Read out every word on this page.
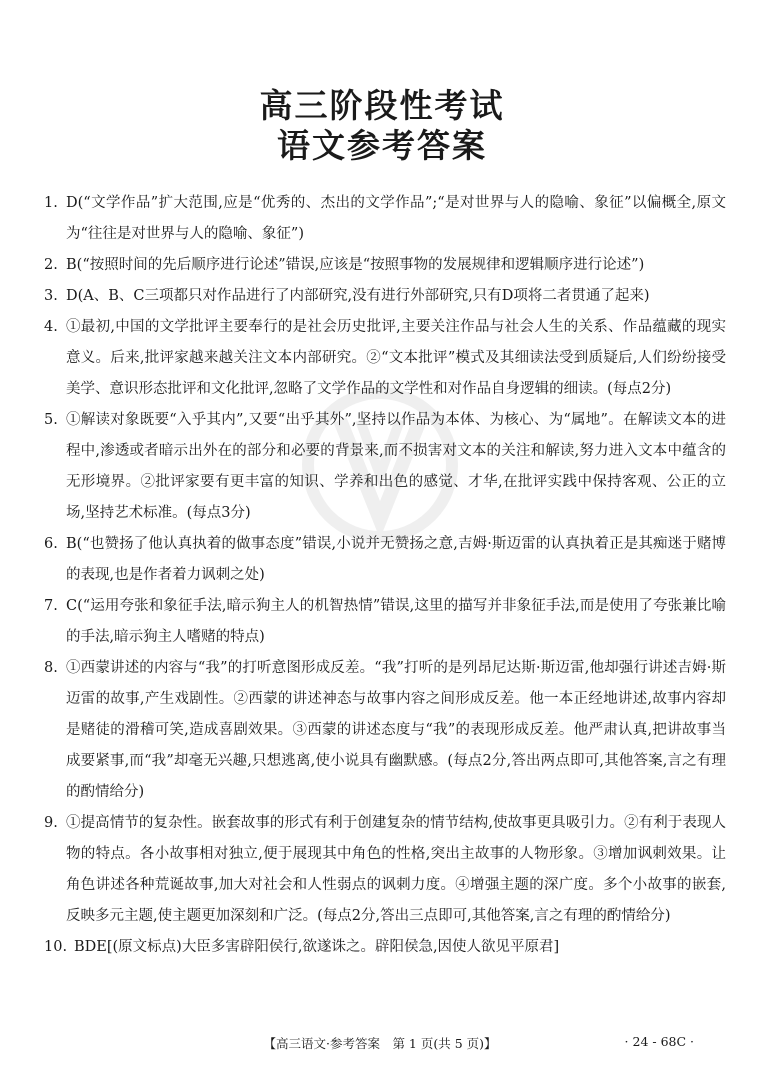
高三阶段性考试
语文参考答案
1. D(“文学作品”扩大范围,应是“优秀的、杰出的文学作品”;“是对世界与人的隐喻、象征”以偏概全,原文为“往往是对世界与人的隐喻、象征”)
2. B(“按照时间的先后顺序进行论述”错误,应该是“按照事物的发展规律和逻辑顺序进行论述”)
3. D(A、B、C三项都只对作品进行了内部研究,没有进行外部研究,只有D项将二者贯通了起来)
4. ①最初,中国的文学批评主要奉行的是社会历史批评,主要关注作品与社会人生的关系、作品蕴藏的现实意义。后来,批评家越来越关注文本内部研究。②“文本批评”模式及其细读法受到质疑后,人们纷纷接受美学、意识形态批评和文化批评,忽略了文学作品的文学性和对作品自身逻辑的细读。(每点2分)
5. ①解读对象既要“入乎其内”,又要“出乎其外”,坚持以作品为本体、为核心、为“属地”。在解读文本的进程中,渗透或者暗示出外在的部分和必要的背景来,而不损害对文本的关注和解读,努力进入文本中蕴含的无形境界。②批评家要有更丰富的知识、学养和出色的感觉、才华,在批评实践中保持客观、公正的立场,坚持艺术标准。(每点3分)
6. B(“也赞扬了他认真执着的做事态度”错误,小说并无赞扬之意,吉姆·斯迈雷的认真执着正是其痴迷于赌博的表现,也是作者着力讽刺之处)
7. C(“运用夸张和象征手法,暗示狗主人的机智热情”错误,这里的描写并非象征手法,而是使用了夸张兼比喻的手法,暗示狗主人嗜赌的特点)
8. ①西蒙讲述的内容与“我”的打听意图形成反差。“我”打听的是列昂尼达斯·斯迈雷,他却强行讲述吉姆·斯迈雷的故事,产生戏剧性。②西蒙的讲述神态与故事内容之间形成反差。他一本正经地讲述,故事内容却是赌徒的滑稽可笑,造成喜剧效果。③西蒙的讲述态度与“我”的表现形成反差。他严肃认真,把讲故事当成要紧事,而“我”却毫无兴趣,只想逃离,使小说具有幽默感。(每点2分,答出两点即可,其他答案,言之有理的酌情给分)
9. ①提高情节的复杂性。嵌套故事的形式有利于创建复杂的情节结构,使故事更具吸引力。②有利于表现人物的特点。各小故事相对独立,便于展现其中角色的性格,突出主故事的人物形象。③增加讽刺效果。让角色讲述各种荒诞故事,加大对社会和人性弱点的讽刺力度。④增强主题的深广度。多个小故事的嵌套,反映多元主题,使主题更加深刻和广泛。(每点2分,答出三点即可,其他答案,言之有理的酌情给分)
10. BDE[(原文标点)大臣多害辟阳侯行,欲遂诛之。辟阳侯急,因使人欲见平原君]
【高三语文·参考答案　第 1 页(共 5 页)】	· 24 - 68C ·
